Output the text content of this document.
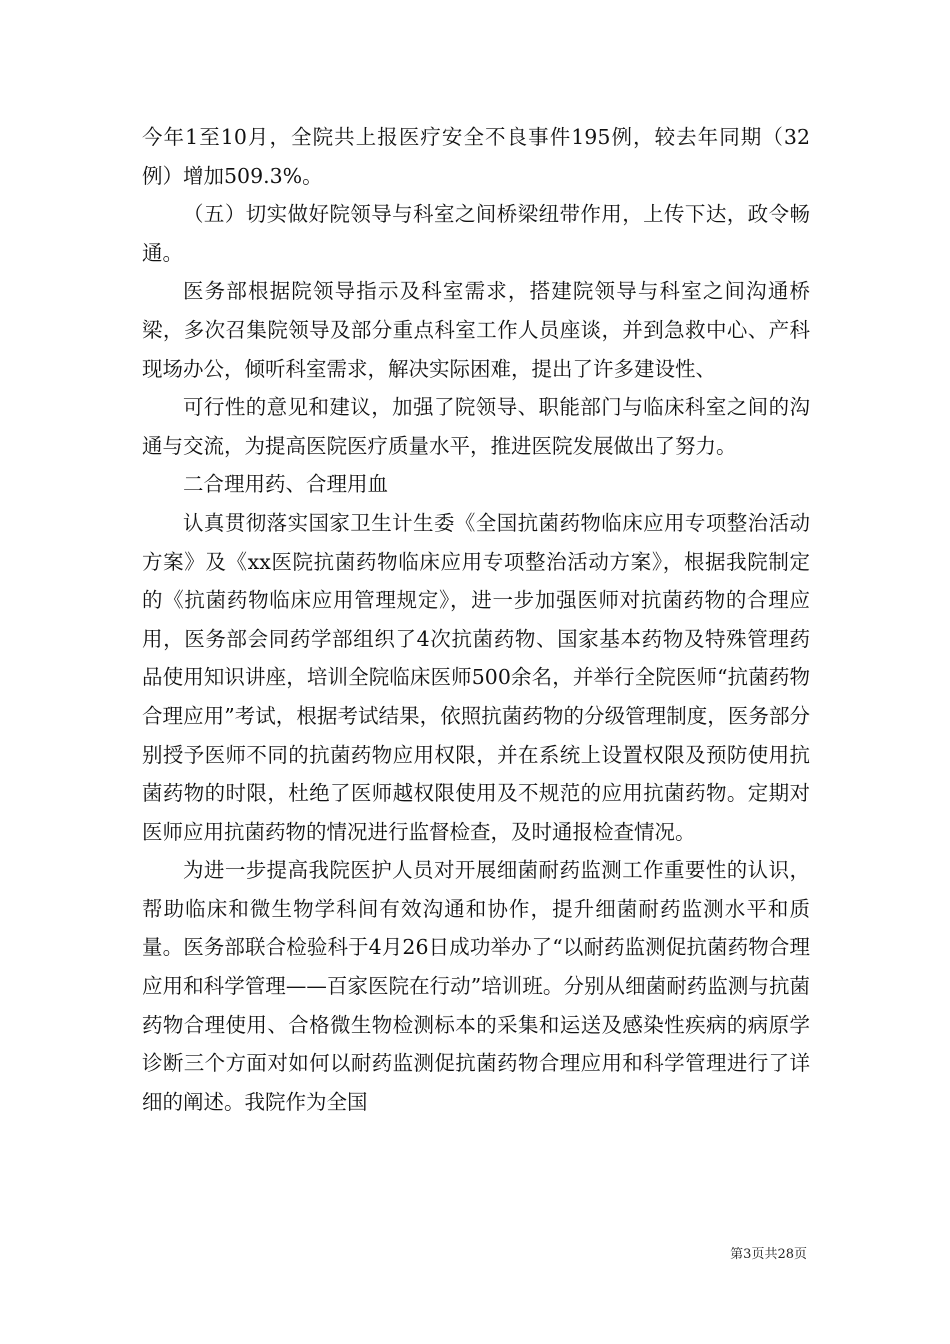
今年1至10月，全院共上报医疗安全不良事件195例，较去年同期（32例）增加509.3%。

（五）切实做好院领导与科室之间桥梁纽带作用，上传下达，政令畅通。

医务部根据院领导指示及科室需求，搭建院领导与科室之间沟通桥梁，多次召集院领导及部分重点科室工作人员座谈，并到急救中心、产科现场办公，倾听科室需求，解决实际困难，提出了许多建设性、

可行性的意见和建议，加强了院领导、职能部门与临床科室之间的沟通与交流，为提高医院医疗质量水平，推进医院发展做出了努力。

二合理用药、合理用血

认真贯彻落实国家卫生计生委《全国抗菌药物临床应用专项整治活动方案》及《xx医院抗菌药物临床应用专项整治活动方案》，根据我院制定的《抗菌药物临床应用管理规定》，进一步加强医师对抗菌药物的合理应用，医务部会同药学部组织了4次抗菌药物、国家基本药物及特殊管理药品使用知识讲座，培训全院临床医师500余名，并举行全院医师“抗菌药物合理应用”考试，根据考试结果，依照抗菌药物的分级管理制度，医务部分别授予医师不同的抗菌药物应用权限，并在系统上设置权限及预防使用抗菌药物的时限，杜绝了医师越权限使用及不规范的应用抗菌药物。定期对医师应用抗菌药物的情况进行监督检查，及时通报检查情况。

为进一步提高我院医护人员对开展细菌耐药监测工作重要性的认识，帮助临床和微生物学科间有效沟通和协作，提升细菌耐药监测水平和质量。医务部联合检验科于4月26日成功举办了“以耐药监测促抗菌药物合理应用和科学管理——百家医院在行动”培训班。分别从细菌耐药监测与抗菌药物合理使用、合格微生物检测标本的采集和运送及感染性疾病的病原学诊断三个方面对如何以耐药监测促抗菌药物合理应用和科学管理进行了详细的阐述。我院作为全国

第3页共28页
